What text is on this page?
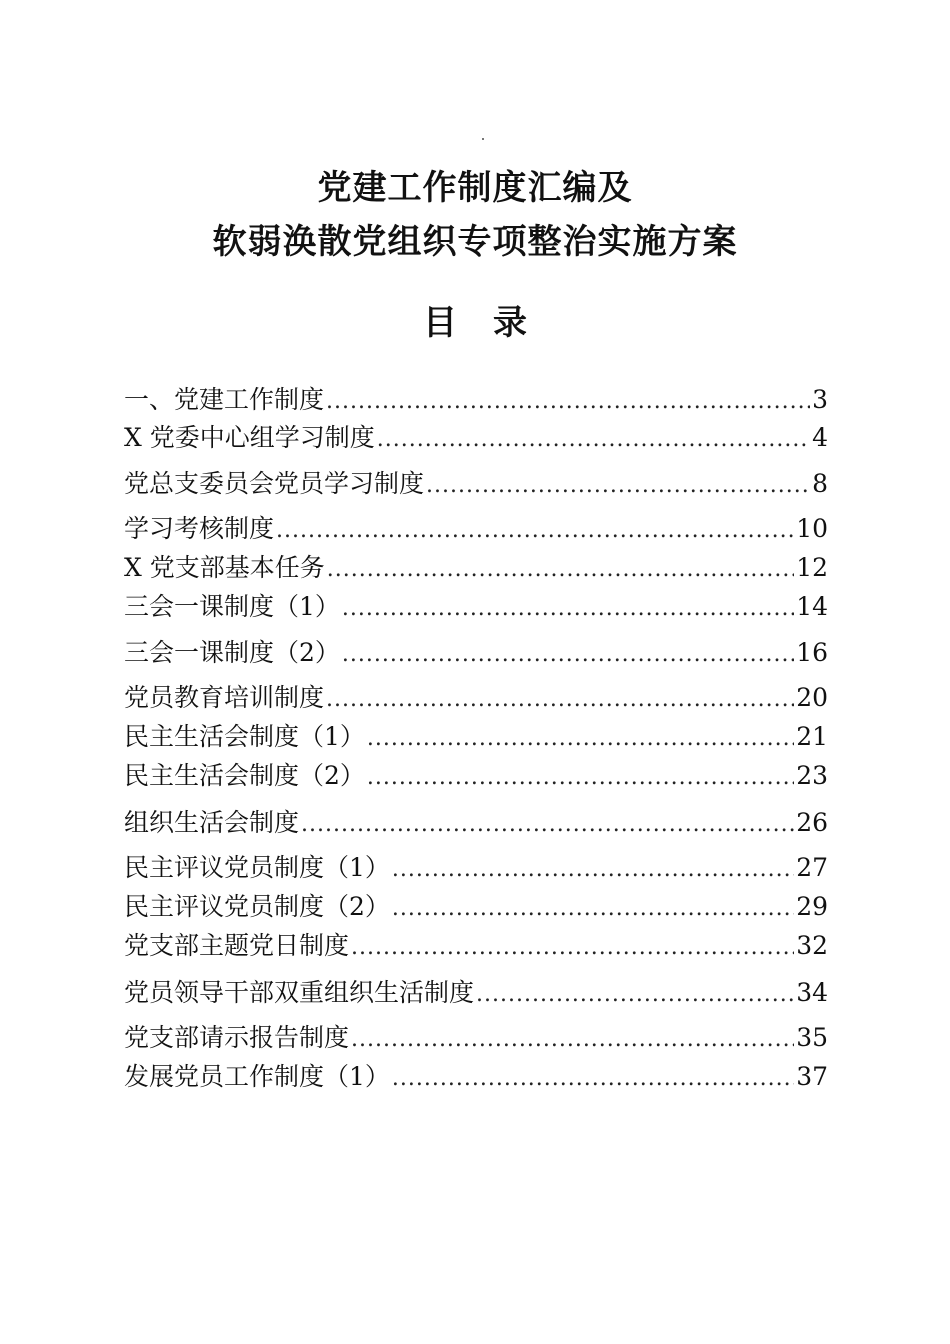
党建工作制度汇编及
软弱涣散党组织专项整治实施方案
目录
一、党建工作制度 .....	3
X 党委中心组学习制度 .....	4
党总支委员会党员学习制度 .....	8
学习考核制度 .....	10
X 党支部基本任务 .....	12
三会一课制度（1） .....	14
三会一课制度（2） .....	16
党员教育培训制度 .....	20
民主生活会制度（1） .....	21
民主生活会制度（2） .....	23
组织生活会制度 .....	26
民主评议党员制度（1） .....	27
民主评议党员制度（2） .....	29
党支部主题党日制度 .....	32
党员领导干部双重组织生活制度 .....	34
党支部请示报告制度 .....	35
发展党员工作制度（1） .....	37
